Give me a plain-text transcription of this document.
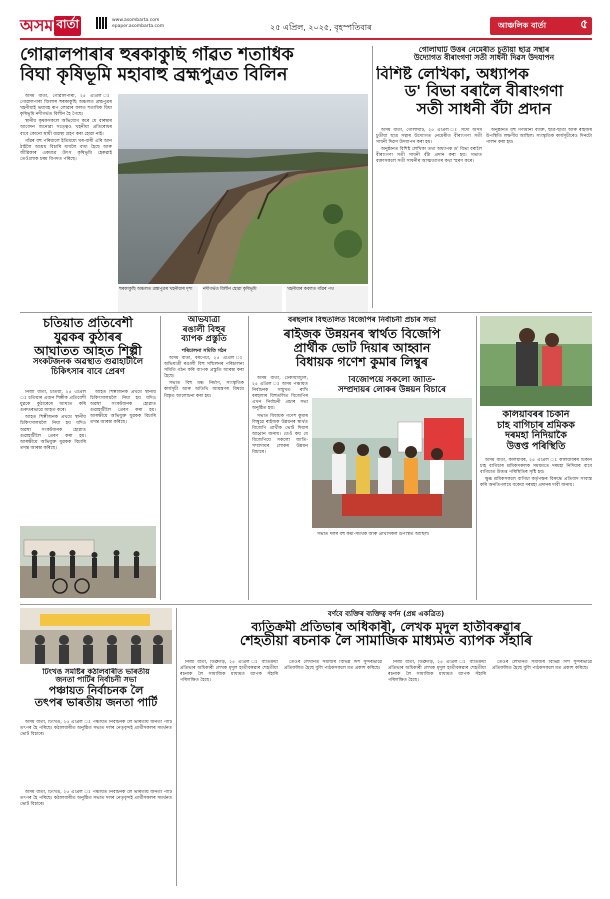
অসম বাৰ্তা	www.asombarta.com
epaper.asombarta.com	২৫ এপ্ৰিল, ২০২৫, বৃহস্পতিবাৰ	আঞ্চলিক বাৰ্তা	৫
গোৱালপাৰাৰ হুৰকাকুছি গাঁৱত শতাধিক
বিঘা কৃষিভূমি মহাবাহু ব্ৰহ্মপুত্ৰত বিলিন

অসম বাৰ্তা, গোৱালপাৰা, ২৫ এপ্ৰিল ঃ গোৱালপাৰা জিলাৰ হুৰকাকুছি অঞ্চলত ব্ৰহ্মপুত্ৰৰ খহনীয়াই ভয়াবহ ৰূপ লোৱাৰ ফলত শতাধিক বিঘা কৃষিভূমি নদীগৰ্ভত বিলীন হৈ গৈছে।

স্থানীয় কৃষকসকলে অভিযোগ কৰে যে বাৰম্বাৰ আবেদন জনোৱা সত্ত্বেও খহনীয়া প্ৰতিৰোধৰ বাবে কোনো স্থায়ী ব্যৱস্থা গ্ৰহণ কৰা হোৱা নাই।

গাঁৱৰ বহু পৰিয়ালে ইতিমধ্যে ঘৰ-বাৰী এৰি আন ঠাইলৈ আশ্ৰয় বিচাৰি যাবলৈ বাধ্য হৈছে আৰু জীৱিকাৰ একমাত্ৰ উৎস কৃষিভূমি হেৰুৱাই তেওঁলোক চৰম বিপদত পৰিছে।

হুৰকাকুছি অঞ্চলত ব্ৰহ্মপুত্ৰৰ খহনীয়াৰ দৃশ্য	নদীগৰ্ভত বিলীন হোৱা কৃষিভূমি	খহনীয়াৰ কবলত গাঁৱৰ পথ
গোলাঘাট উত্তৰ নেমেৰীত চুতীয়া ছাত্ৰ সন্থাৰ
উদ্যোগত বীৰাংগণা সতী সাধনী দিৱস উদযাপন
বিশিষ্ট লেখিকা, অধ্যাপক
ড' বিভা বৰালৈ বীৰাংগণা
সতী সাধনী বঁটা প্ৰদান

অসম বাৰ্তা, গোলাঘাট, ২৫ এপ্ৰিল ঃ সদৌ অসম চুতীয়া ছাত্ৰ সন্থাৰ উদ্যোগত নেমেৰীত বীৰাংগণা সতী সাধনী দিৱস উদযাপন কৰা হয়।

অনুষ্ঠানত বিশিষ্ট লেখিকা তথা অধ্যাপক ড' বিভা বৰালৈ বীৰাংগণা সতী সাধনী বঁটা প্ৰদান কৰা হয়। সভাত বক্তাসকলে সতী সাধনীৰ আত্মত্যাগৰ কথা স্মৰণ কৰে।

অনুষ্ঠানত বহু গণ্যমান্য ব্যক্তি, ছাত্ৰ-ছাত্ৰী আৰু ৰাইজৰ উপস্থিতি লক্ষণীয় আছিল। সাংস্কৃতিক কাৰ্যসূচীৰেও দিনটো পালন কৰা হয়।

চতিয়াত প্ৰতিবেশী
যুৱকৰ কুঠাৰৰ
আঘাতত আহত শিল্পী
সংকটজনক অৱস্থাত গুৱাহাটীলৈ
চিকিৎসাৰ বাবে প্ৰেৰণ

নিজা বাৰ্তা, চতিয়া, ২৫ এপ্ৰিল ঃ চতিয়াৰ এজন শিল্পীক প্ৰতিবেশী যুৱকে কুঠাৰেৰে আঘাত কৰি গুৰুতৰভাৱে আহত কৰে।

আহত শিল্পীজনক প্ৰথমে স্থানীয় চিকিৎসালয়লৈ নিয়া হয় যদিও অৱস্থা সংকটজনক হোৱাত গুৱাহাটীলৈ প্ৰেৰণ কৰা হয়। আৰক্ষীয়ে অভিযুক্ত যুৱকক বিচাৰি তদন্ত আৰম্ভ কৰিছে।

আহত শিল্পীজনক প্ৰথমে স্থানীয় চিকিৎসালয়লৈ নিয়া হয় যদিও অৱস্থা সংকটজনক হোৱাত গুৱাহাটীলৈ প্ৰেৰণ কৰা হয়। আৰক্ষীয়ে অভিযুক্ত যুৱকক বিচাৰি তদন্ত আৰম্ভ কৰিছে।

অভিযাত্ৰী
ৰঙালী বিহুৰ
ব্যাপক প্ৰস্তুতি
পৰিচালনা সমিতি গঠন

অসম বাৰ্তা, বৰপেটা, ২৫ এপ্ৰিল ঃ অভিযাত্ৰী ৰঙালী বিহু সন্মিলনৰ পৰিচালনা সমিতি গঠন কৰি ব্যাপক প্ৰস্তুতি আৰম্ভ কৰা হৈছে।

সভাত বিহু মঞ্চ নিৰ্মাণ, সাংস্কৃতিক কাৰ্যসূচী আৰু অতিথি আমন্ত্ৰণৰ বিষয়ে বিস্তৃত আলোচনা কৰা হয়।

বৰছলাৰ বিহুতলিত বিজেপিৰ নিৰ্বাচনী প্ৰচাৰ সভা
ৰাইজক উন্নয়নৰ স্বাৰ্থত বিজেপি
প্ৰাৰ্থীক ভোট দিয়াৰ আহ্বান
বিধায়ক গণেশ কুমাৰ লিম্বুৰ

অসম বাৰ্তা, ঢেকীয়াজুলি, ২৫ এপ্ৰিল ঃ অসম পঞ্চায়ত নিৰ্বাচনক সন্মুখত ৰাখি বৰছলাৰ বিহুতলিত বিজেপিৰ এখন নিৰ্বাচনী প্ৰচাৰ সভা অনুষ্ঠিত হয়।

সভাত বিধায়ক গণেশ কুমাৰ লিম্বুৱে ৰাইজক উন্নয়নৰ স্বাৰ্থত বিজেপি প্ৰাৰ্থীক ভোট দিয়াৰ আহ্বান জনায়। তেওঁ কয় যে বিজেপিয়ে সকলো জাতি-সম্প্ৰদায়ৰ লোকৰ উন্নয়ন বিচাৰে।

বিজেপিয়ে সকলো জাতি-
সম্প্ৰদায়ৰ লোকৰ উন্নয়ন বিচাৰে

সভাত দলৰ বহু কৰ্মী-সমৰ্থক আৰু প্ৰাৰ্থীসকল উপস্থিত আছিল।

কলিয়াবৰৰ চিকনি
চাহ বাগিচাৰ শ্ৰমিকক
দৰমহা নিদিয়াকৈ
উত্তপ্ত পৰিস্থিতি

অসম বাৰ্তা, কলিয়াবৰ, ২৫ এপ্ৰিল ঃ কলিয়াবৰৰ চিকনি চাহ বাগিচাৰ শ্ৰমিকসকলক সময়মতে দৰমহা নিদিয়াৰ বাবে বাগিচাত উত্তপ্ত পৰিস্থিতিৰ সৃষ্টি হয়।

ক্ষুব্ধ শ্ৰমিকসকলে বাগিচা কৰ্তৃপক্ষৰ বিৰুদ্ধে প্ৰতিবাদ সাব্যস্ত কৰি অনতিপলমে বকেয়া দৰমহা প্ৰদানৰ দাবী জনায়।

টিংখঙ সমষ্টিৰ কঠালবাৰীত ভাৰতীয়
জনতা পাৰ্টিৰ নিৰ্বাচনী সভা
পঞ্চায়ত নিৰ্বাচনক লৈ
তৎপৰ ভাৰতীয় জনতা পাৰ্টি

অসম বাৰ্তা, টিংখঙ, ২৫ এপ্ৰিল ঃ পঞ্চায়ত নিৰ্বাচনক লৈ ভাৰতীয় জনতা পাৰ্টি তৎপৰ হৈ পৰিছে। কঠালবাৰীত অনুষ্ঠিত সভাত দলৰ নেতৃবৃন্দই প্ৰাৰ্থীসকলৰ সমৰ্থনত ভোট বিচাৰে।

বৰ্ণবে ব্যক্তিৰ ব্যক্তিত্ব বৰ্ণন (প্ৰশ্ন একত্ৰিত)
ব্যতিক্ৰমী প্ৰতিভাৰ অধিকাৰী, লেখক মৃদুল হাতীবৰুৱাৰ
শেহতীয়া ৰচনাক লৈ সামাজিক মাধ্যমত ব্যাপক সঁহাৰি

নিজা বাৰ্তা, ডিব্ৰুগড়, ২৫ এপ্ৰিল ঃ ব্যতিক্ৰমী প্ৰতিভাৰ অধিকাৰী লেখক মৃদুল হাতীবৰুৱাৰ শেহতীয়া ৰচনাক লৈ সামাজিক মাধ্যমত ব্যাপক সঁহাৰি পৰিলক্ষিত হৈছে।

তেওঁৰ লেখনিত সমাজৰ বিভিন্ন দিশ সুন্দৰভাৱে প্ৰতিফলিত হৈছে বুলি পাঠকসকলে মত প্ৰকাশ কৰিছে।

নিজা বাৰ্তা, ডিব্ৰুগড়, ২৫ এপ্ৰিল ঃ ব্যতিক্ৰমী প্ৰতিভাৰ অধিকাৰী লেখক মৃদুল হাতীবৰুৱাৰ শেহতীয়া ৰচনাক লৈ সামাজিক মাধ্যমত ব্যাপক সঁহাৰি পৰিলক্ষিত হৈছে।

তেওঁৰ লেখনিত সমাজৰ বিভিন্ন দিশ সুন্দৰভাৱে প্ৰতিফলিত হৈছে বুলি পাঠকসকলে মত প্ৰকাশ কৰিছে।

অসম বাৰ্তা, টিংখঙ, ২৫ এপ্ৰিল ঃ পঞ্চায়ত নিৰ্বাচনক লৈ ভাৰতীয় জনতা পাৰ্টি তৎপৰ হৈ পৰিছে। কঠালবাৰীত অনুষ্ঠিত সভাত দলৰ নেতৃবৃন্দই প্ৰাৰ্থীসকলৰ সমৰ্থনত ভোট বিচাৰে।
